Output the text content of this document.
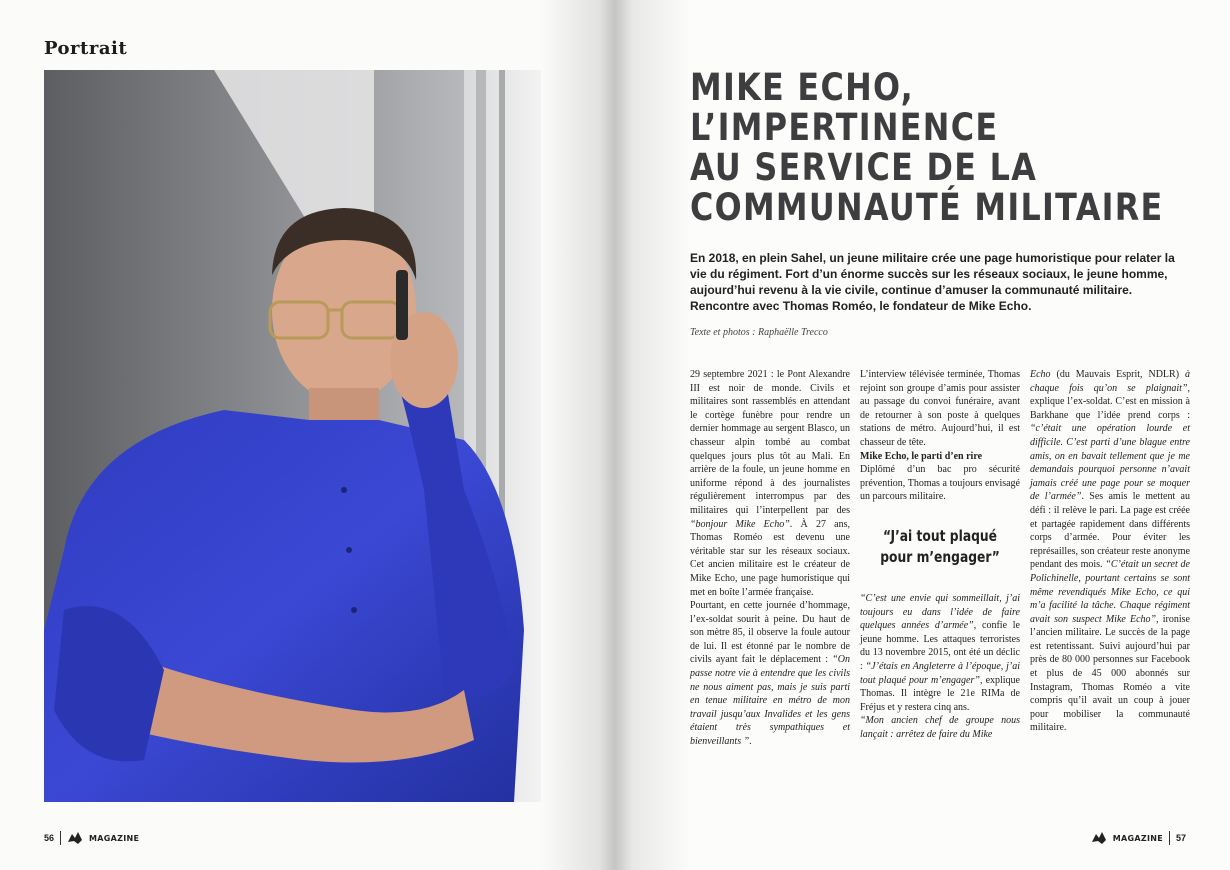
Portrait
56	MAGAZINE
MIKE ECHO,
L’IMPERTINENCE
AU SERVICE DE LA
COMMUNAUTÉ MILITAIRE

En 2018, en plein Sahel, un jeune militaire crée une page humoristique pour relater la vie du régiment. Fort d’un énorme succès sur les réseaux sociaux, le jeune homme, aujourd’hui revenu à la vie civile, continue d’amuser la communauté militaire.

Rencontre avec Thomas Roméo, le fondateur de Mike Echo.

Texte et photos : Raphaëlle Trecco

29 septembre 2021 : le Pont Alexandre III est noir de monde. Civils et militaires sont rassemblés en attendant le cortège funèbre pour rendre un dernier hommage au sergent Blasco, un chasseur alpin tombé au combat quelques jours plus tôt au Mali. En arrière de la foule, un jeune homme en uniforme répond à des journalistes régulièrement interrompus par des militaires qui l’interpellent par des “bonjour Mike Echo”. À 27 ans, Thomas Roméo est devenu une véritable star sur les réseaux sociaux. Cet ancien militaire est le créateur de Mike Echo, une page humoristique qui met en boîte l’armée française.

Pourtant, en cette journée d’hommage, l’ex-soldat sourit à peine. Du haut de son mètre 85, il observe la foule autour de lui. Il est étonné par le nombre de civils ayant fait le déplacement : “On passe notre vie à entendre que les civils ne nous aiment pas, mais je suis parti en tenue militaire en métro de mon travail jusqu’aux Invalides et les gens étaient très sympathiques et bienveillants ”.

L’interview télévisée terminée, Thomas rejoint son groupe d’amis pour assister au passage du convoi funéraire, avant de retourner à son poste à quelques stations de métro. Aujourd’hui, il est chasseur de tête.

Mike Echo, le parti d’en rire

Diplômé d’un bac pro sécurité prévention, Thomas a toujours envisagé un parcours militaire.

“J’ai tout plaqué pour m’engager”

“C’est une envie qui sommeillait, j’ai toujours eu dans l’idée de faire quelques années d’armée”, confie le jeune homme. Les attaques terroristes du 13 novembre 2015, ont été un déclic : “J’étais en Angleterre à l’époque, j’ai tout plaqué pour m’engager”, explique Thomas. Il intègre le 21e RIMa de Fréjus et y restera cinq ans.

“Mon ancien chef de groupe nous lançait : arrêtez de faire du Mike

Echo (du Mauvais Esprit, NDLR) à chaque fois qu’on se plaignait”, explique l’ex-soldat. C’est en mission à Barkhane que l’idée prend corps : “c’était une opération lourde et difficile. C’est parti d’une blague entre amis, on en bavait tellement que je me demandais pourquoi personne n’avait jamais créé une page pour se moquer de l’armée”. Ses amis le mettent au défi : il relève le pari. La page est créée et partagée rapidement dans différents corps d’armée. Pour éviter les représailles, son créateur reste anonyme pendant des mois. “C’était un secret de Polichinelle, pourtant certains se sont même revendiqués Mike Echo, ce qui m’a facilité la tâche. Chaque régiment avait son suspect Mike Echo”, ironise l’ancien militaire. Le succès de la page est retentissant. Suivi aujourd’hui par près de 80 000 personnes sur Facebook et plus de 45 000 abonnés sur Instagram, Thomas Roméo a vite compris qu’il avait un coup à jouer pour mobiliser la communauté militaire.

MAGAZINE 57
